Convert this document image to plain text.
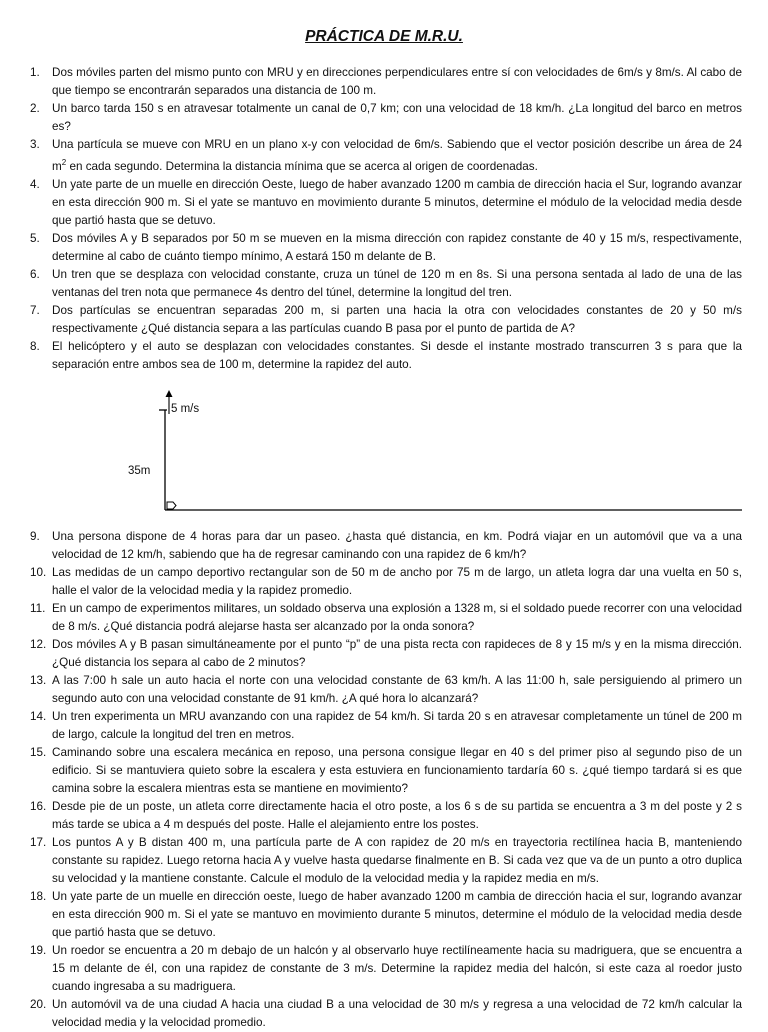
PRÁCTICA DE M.R.U.
1.	Dos móviles parten del mismo punto con MRU y en direcciones perpendiculares entre sí con velocidades de 6m/s y 8m/s. Al cabo de que tiempo se encontrarán separados una distancia de 100 m.
2.	Un barco tarda 150 s en atravesar totalmente un canal de 0,7 km; con una velocidad de 18 km/h. ¿La longitud del barco en metros es?
3.	Una partícula se mueve con MRU en un plano x-y con velocidad de 6m/s. Sabiendo que el vector posición describe un área de 24 $m^2$ en cada segundo. Determina la distancia mínima que se acerca al origen de coordenadas.
4.	Un yate parte de un muelle en dirección Oeste, luego de haber avanzado 1200 m cambia de dirección hacia el Sur, logrando avanzar en esta dirección 900 m. Si el yate se mantuvo en movimiento durante 5 minutos, determine el módulo de la velocidad media desde que partió hasta que se detuvo.
5.	Dos móviles A y B separados por 50 m se mueven en la misma dirección con rapidez constante de 40 y 15 m/s, respectivamente, determine al cabo de cuánto tiempo mínimo, A estará 150 m delante de B.
6.	Un tren que se desplaza con velocidad constante, cruza un túnel de 120 m en 8s. Si una persona sentada al lado de una de las ventanas del tren nota que permanece 4s dentro del túnel, determine la longitud del tren.
7.	Dos partículas se encuentran separadas 200 m, si parten una hacia la otra con velocidades constantes de 20 y 50 m/s respectivamente ¿Qué distancia separa a las partículas cuando B pasa por el punto de partida de A?
8.	El helicóptero y el auto se desplazan con velocidades constantes. Si desde el instante mostrado transcurren 3 s para que la separación entre ambos sea de 100 m, determine la rapidez del auto.
5 m/s
35m
9.	Una persona dispone de 4 horas para dar un paseo. ¿hasta qué distancia, en km. Podrá viajar en un automóvil que va a una velocidad de 12 km/h, sabiendo que ha de regresar caminando con una rapidez de 6 km/h?
10. Las medidas de un campo deportivo rectangular son de 50 m de ancho por 75 m de largo, un atleta logra dar una vuelta en 50 s, halle el valor de la velocidad media y la rapidez promedio.
11. En un campo de experimentos militares, un soldado observa una explosión a 1328 m, si el soldado puede recorrer con una velocidad de 8 m/s. ¿Qué distancia podrá alejarse hasta ser alcanzado por la onda sonora?
12. Dos móviles A y B pasan simultáneamente por el punto “p” de una pista recta con rapideces de 8 y 15 m/s y en la misma dirección. ¿Qué distancia los separa al cabo de 2 minutos?
13. A las 7:00 h sale un auto hacia el norte con una velocidad constante de 63 km/h. A las 11:00 h, sale persiguiendo al primero un segundo auto con una velocidad constante de 91 km/h. ¿A qué hora lo alcanzará?
14. Un tren experimenta un MRU avanzando con una rapidez de 54 km/h. Si tarda 20 s en atravesar completamente un túnel de 200 m de largo, calcule la longitud del tren en metros.
15. Caminando sobre una escalera mecánica en reposo, una persona consigue llegar en 40 s del primer piso al segundo piso de un edificio. Si se mantuviera quieto sobre la escalera y esta estuviera en funcionamiento tardaría 60 s. ¿qué tiempo tardará si es que camina sobre la escalera mientras esta se mantiene en movimiento?
16. Desde pie de un poste, un atleta corre directamente hacia el otro poste, a los 6 s de su partida se encuentra a 3 m del poste y 2 s más tarde se ubica a 4 m después del poste. Halle el alejamiento entre los postes.
17. Los puntos A y B distan 400 m, una partícula parte de A con rapidez de 20 m/s en trayectoria rectilínea hacia B, manteniendo constante su rapidez. Luego retorna hacia A y vuelve hasta quedarse finalmente en B. Si cada vez que va de un punto a otro duplica su velocidad y la mantiene constante. Calcule el modulo de la velocidad media y la rapidez media en m/s.
18. Un yate parte de un muelle en dirección oeste, luego de haber avanzado 1200 m cambia de dirección hacia el sur, logrando avanzar en esta dirección 900 m. Si el yate se mantuvo en movimiento durante 5 minutos, determine el módulo de la velocidad media desde que partió hasta que se detuvo.
19. Un roedor se encuentra a 20 m debajo de un halcón y al observarlo huye rectilíneamente hacia su madriguera, que se encuentra a 15 m delante de él, con una rapidez de constante de 3 m/s. Determine la rapidez media del halcón, si este caza al roedor justo cuando ingresaba a su madriguera.
20. Un automóvil va de una ciudad A hacia una ciudad B a una velocidad de 30 m/s y regresa a una velocidad de 72 km/h calcular la velocidad media y la velocidad promedio.
